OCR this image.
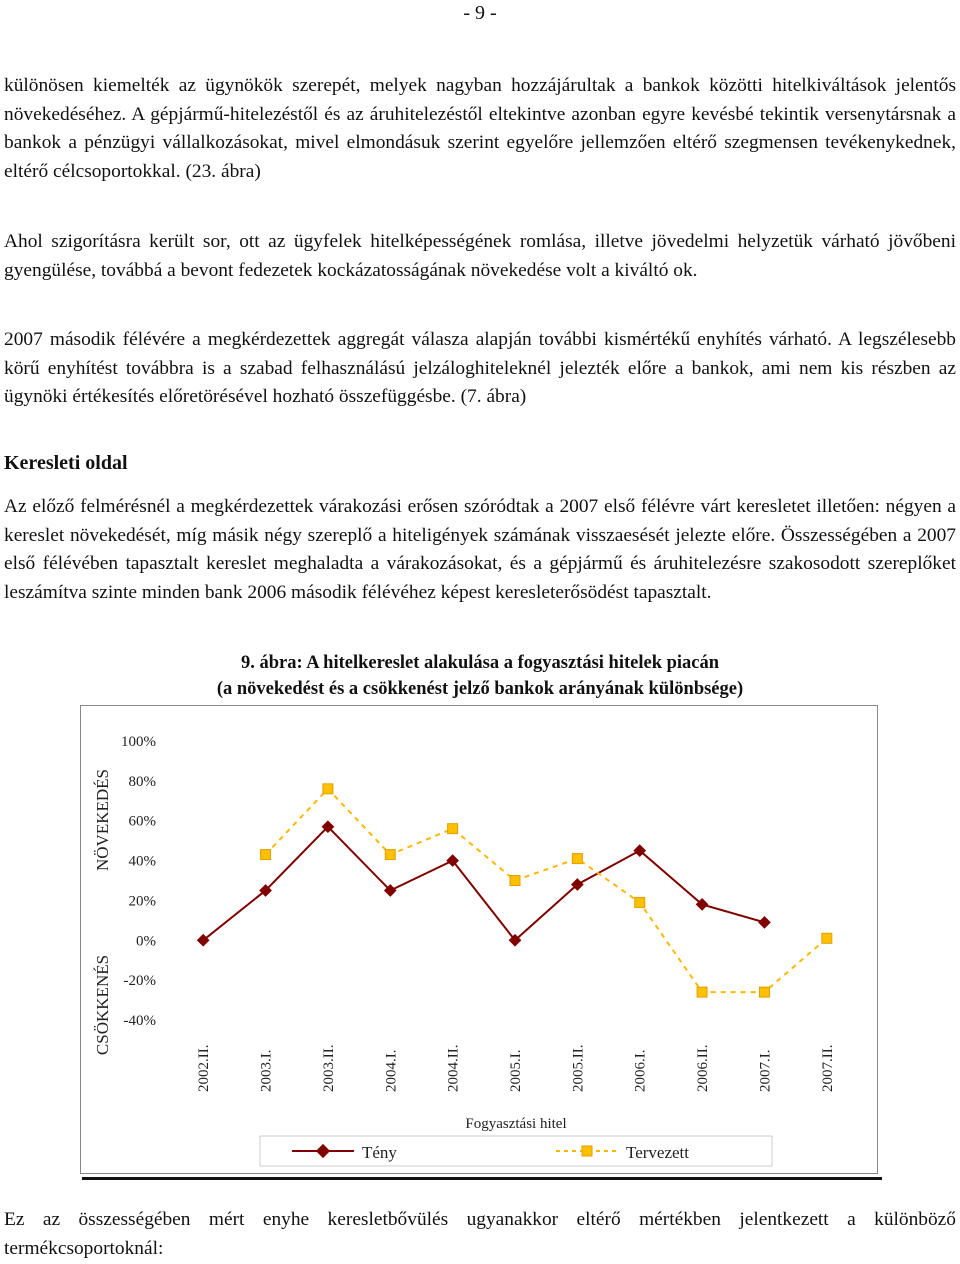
- 9 -

különösen kiemelték az ügynökök szerepét, melyek nagyban hozzájárultak a bankok közötti hitelkiváltások jelentős növekedéséhez. A gépjármű-hitelezéstől és az áruhitelezéstől eltekintve azonban egyre kevésbé tekintik versenytársnak a bankok a pénzügyi vállalkozásokat, mivel elmondásuk szerint egyelőre jellemzően eltérő szegmensen tevékenykednek, eltérő célcsoportokkal. (23. ábra)

Ahol szigorításra került sor, ott az ügyfelek hitelképességének romlása, illetve jövedelmi helyzetük várható jövőbeni gyengülése, továbbá a bevont fedezetek kockázatosságának növekedése volt a kiváltó ok.

2007 második félévére a megkérdezettek aggregát válasza alapján további kismértékű enyhítés várható. A legszélesebb körű enyhítést továbbra is a szabad felhasználású jelzáloghiteleknél jelezték előre a bankok, ami nem kis részben az ügynöki értékesítés előretörésével hozható összefüggésbe. (7. ábra)

Keresleti oldal

Az előző felmérésnél a megkérdezettek várakozási erősen szóródtak a 2007 első félévre várt keresletet illetően: négyen a kereslet növekedését, míg másik négy szereplő a hiteligények számának visszaesését jelezte előre. Összességében a 2007 első félévében tapasztalt kereslet meghaladta a várakozásokat, és a gépjármű és áruhitelezésre szakosodott szereplőket leszámítva szinte minden bank 2006 második félévéhez képest keresleterősödést tapasztalt.

9. ábra: A hitelkereslet alakulása a fogyasztási hitelek piacán
(a növekedést és a csökkenést jelző bankok arányának különbsége)
100%
80%
60%
40%
20%
0%
-20%
-40%
2002.II.	2003.I.	2003.II.	2004.I.	2004.II.	2005.I.	2005.II.	2006.I.	2006.II.	2007.I.	2007.II.
NÖVEKEDÉS
CSÖKKENÉS
Fogyasztási hitel
Tény	Tervezett

Ez az összességében mért enyhe keresletbővülés ugyanakkor eltérő mértékben jelentkezett a különböző termékcsoportoknál:
